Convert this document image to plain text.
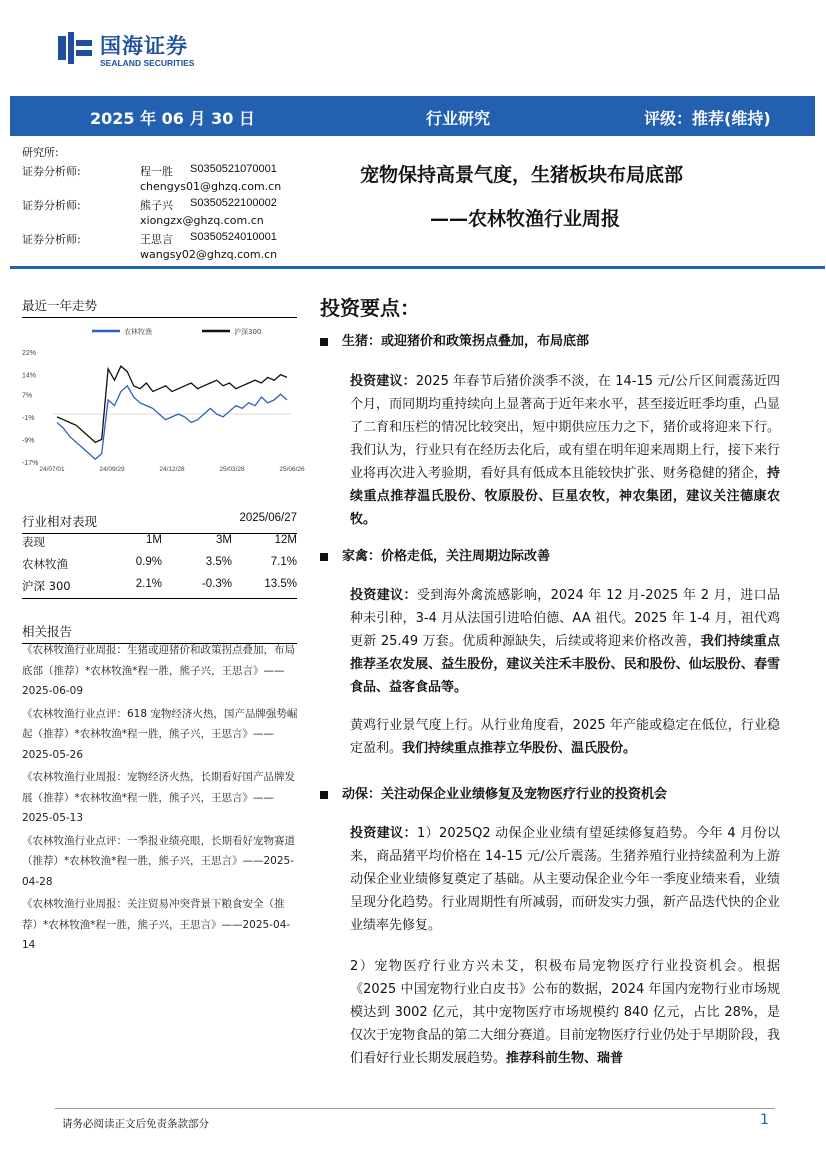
国海证券
SEALAND SECURITIES
2025 年 06 月 30 日	行业研究	评级：推荐(维持)
研究所:
证券分析师:	程一胜 S0350521070001
chengys01@ghzq.com.cn
证券分析师:	熊子兴 S0350522100002
xiongzx@ghzq.com.cn
证券分析师:	王思言 S0350524010001
wangsy02@ghzq.com.cn
宠物保持高景气度，生猪板块布局底部
——农林牧渔行业周报
最近一年走势
农林牧渔	沪深300
22%
14%
7%
-1%
-9%
-17%
24/07/01	24/09/29	24/12/28	25/03/28	25/06/26
行业相对表现	2025/06/27
表现	1M	3M	12M
农林牧渔	0.9%	3.5%	7.1%
沪深 300	2.1%	-0.3%	13.5%
相关报告
《农林牧渔行业周报：生猪或迎猪价和政策拐点叠加，布局底部（推荐）*农林牧渔*程一胜，熊子兴，王思言》——2025-06-09
《农林牧渔行业点评：618 宠物经济火热，国产品牌强势崛起（推荐）*农林牧渔*程一胜，熊子兴，王思言》——2025-05-26
《农林牧渔行业周报：宠物经济火热，长期看好国产品牌发展（推荐）*农林牧渔*程一胜，熊子兴，王思言》——2025-05-13
《农林牧渔行业点评：一季报业绩亮眼，长期看好宠物赛道（推荐）*农林牧渔*程一胜，熊子兴，王思言》——2025-04-28
《农林牧渔行业周报：关注贸易冲突背景下粮食安全（推荐）*农林牧渔*程一胜，熊子兴，王思言》——2025-04-14
投资要点：
生猪：或迎猪价和政策拐点叠加，布局底部
投资建议：2025 年春节后猪价淡季不淡，在 14-15 元/公斤区间震荡近四个月，而同期均重持续向上显著高于近年来水平，甚至接近旺季均重，凸显了二育和压栏的情况比较突出，短中期供应压力之下，猪价或将迎来下行。我们认为，行业只有在经历去化后，或有望在明年迎来周期上行，接下来行业将再次进入考验期，看好具有低成本且能较快扩张、财务稳健的猪企，持续重点推荐温氏股份、牧原股份、巨星农牧，神农集团，建议关注德康农牧。
家禽：价格走低，关注周期边际改善
投资建议：受到海外禽流感影响，2024 年 12 月-2025 年 2 月，进口品种未引种，3-4 月从法国引进哈伯德、AA 祖代。2025 年 1-4 月，祖代鸡更新 25.49 万套。优质种源缺失，后续或将迎来价格改善，我们持续重点推荐圣农发展、益生股份，建议关注禾丰股份、民和股份、仙坛股份、春雪食品、益客食品等。
黄鸡行业景气度上行。从行业角度看，2025 年产能或稳定在低位，行业稳定盈利。我们持续重点推荐立华股份、温氏股份。
动保：关注动保企业业绩修复及宠物医疗行业的投资机会
投资建议：1）2025Q2 动保企业业绩有望延续修复趋势。今年 4 月份以来，商品猪平均价格在 14-15 元/公斤震荡。生猪养殖行业持续盈利为上游动保企业业绩修复奠定了基础。从主要动保企业今年一季度业绩来看，业绩呈现分化趋势。行业周期性有所减弱，而研发实力强，新产品迭代快的企业业绩率先修复。
2）宠物医疗行业方兴未艾，积极布局宠物医疗行业投资机会。根据《2025 中国宠物行业白皮书》公布的数据，2024 年国内宠物行业市场规模达到 3002 亿元，其中宠物医疗市场规模约 840 亿元，占比 28%，是仅次于宠物食品的第二大细分赛道。目前宠物医疗行业仍处于早期阶段，我们看好行业长期发展趋势。推荐科前生物、瑞普
请务必阅读正文后免责条款部分	1
